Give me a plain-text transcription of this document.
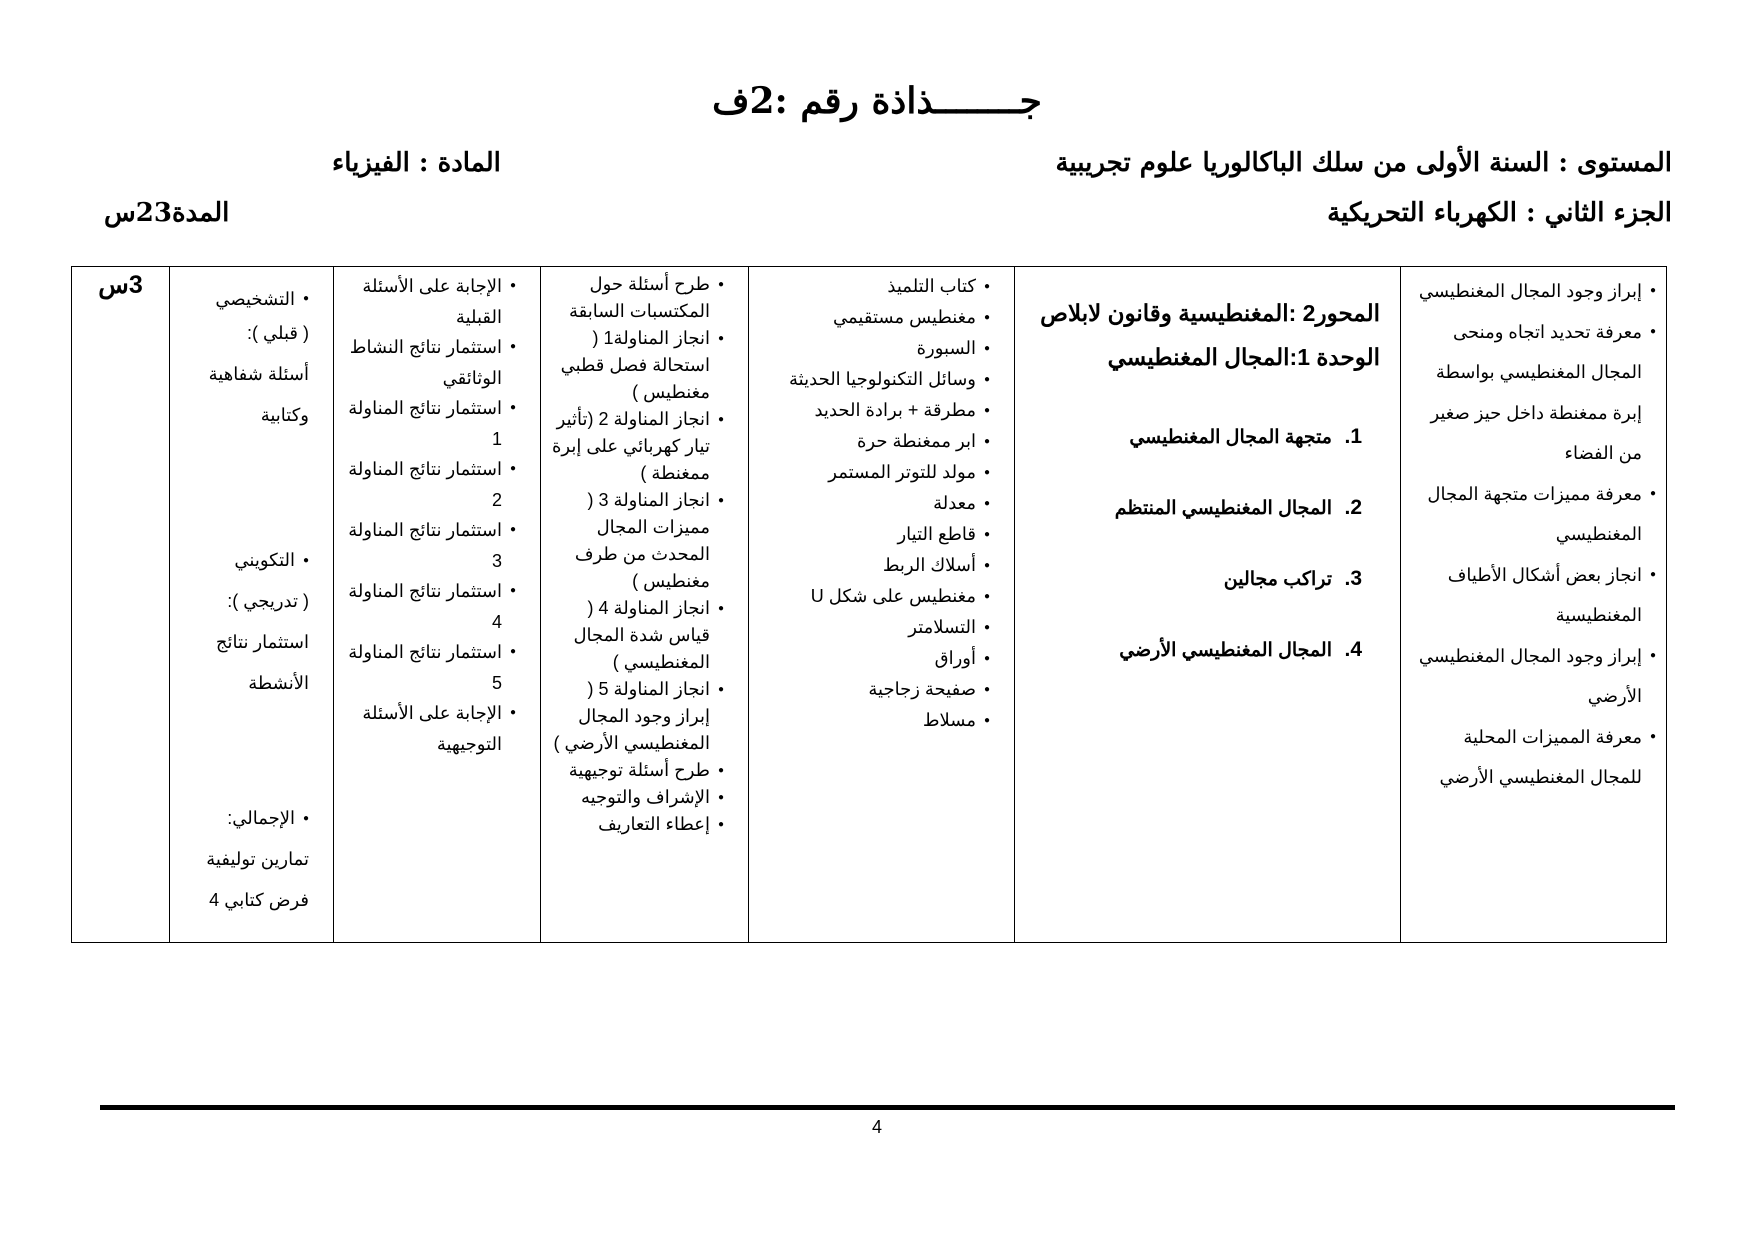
جــــــــذاذة رقم :2ف
المستوى : السنة الأولى من سلك الباكالوريا علوم تجريبية
المادة : الفيزياء
الجزء الثاني : الكهرباء التحريكية
المدة23س
● إبراز وجود المجال المغنطيسي
● معرفة تحديد اتجاه ومنحى المجال المغنطيسي بواسطة إبرة ممغنطة داخل حيز صغير من الفضاء
● معرفة مميزات متجهة المجال المغنطيسي
● انجاز بعض أشكال الأطياف المغنطيسية
● إبراز وجود المجال المغنطيسي الأرضي
● معرفة المميزات المحلية للمجال المغنطيسي الأرضي

المحور2 :المغنطيسية وقانون لابلاص
الوحدة 1:المجال المغنطيسي
1.متجهة المجال المغنطيسي
2.المجال المغنطيسي المنتظم
3.تراكب مجالين
4.المجال المغنطيسي الأرضي

● كتاب التلميذ
● مغنطيس مستقيمي
● السبورة
● وسائل التكنولوجيا الحديثة
● مطرقة + برادة الحديد
● ابر ممغنطة حرة
● مولد للتوتر المستمر
● معدلة
● قاطع التيار
● أسلاك الربط
● مغنطيس على شكل U
● التسلامتر
● أوراق
● صفيحة زجاجية
● مسلاط

● طرح أسئلة حول المكتسبات السابقة
● انجاز المناولة1 ( استحالة فصل قطبي مغنطيس )
● انجاز المناولة 2 (تأثير تيار كهربائي على إبرة ممغنطة )
● انجاز المناولة 3 ( مميزات المجال المحدث من طرف مغنطيس )
● انجاز المناولة 4 ( قياس شدة المجال المغنطيسي )
● انجاز المناولة 5 ( إبراز وجود المجال المغنطيسي الأرضي )
● طرح أسئلة توجيهية
● الإشراف والتوجيه
● إعطاء التعاريف

● الإجابة على الأسئلة القبلية
● استثمار نتائج النشاط الوثائقي
● استثمار نتائج المناولة 1
● استثمار نتائج المناولة 2
● استثمار نتائج المناولة 3
● استثمار نتائج المناولة 4
● استثمار نتائج المناولة 5
● الإجابة على الأسئلة التوجيهية

● التشخيصي

( قبلي ):

أسئلة شفاهية

وكتابية

● التكويني

( تدريجي ):

استثمار نتائج

الأنشطة

● الإجمالي:

تمارين توليفية

فرض كتابي 4

	3س
4
